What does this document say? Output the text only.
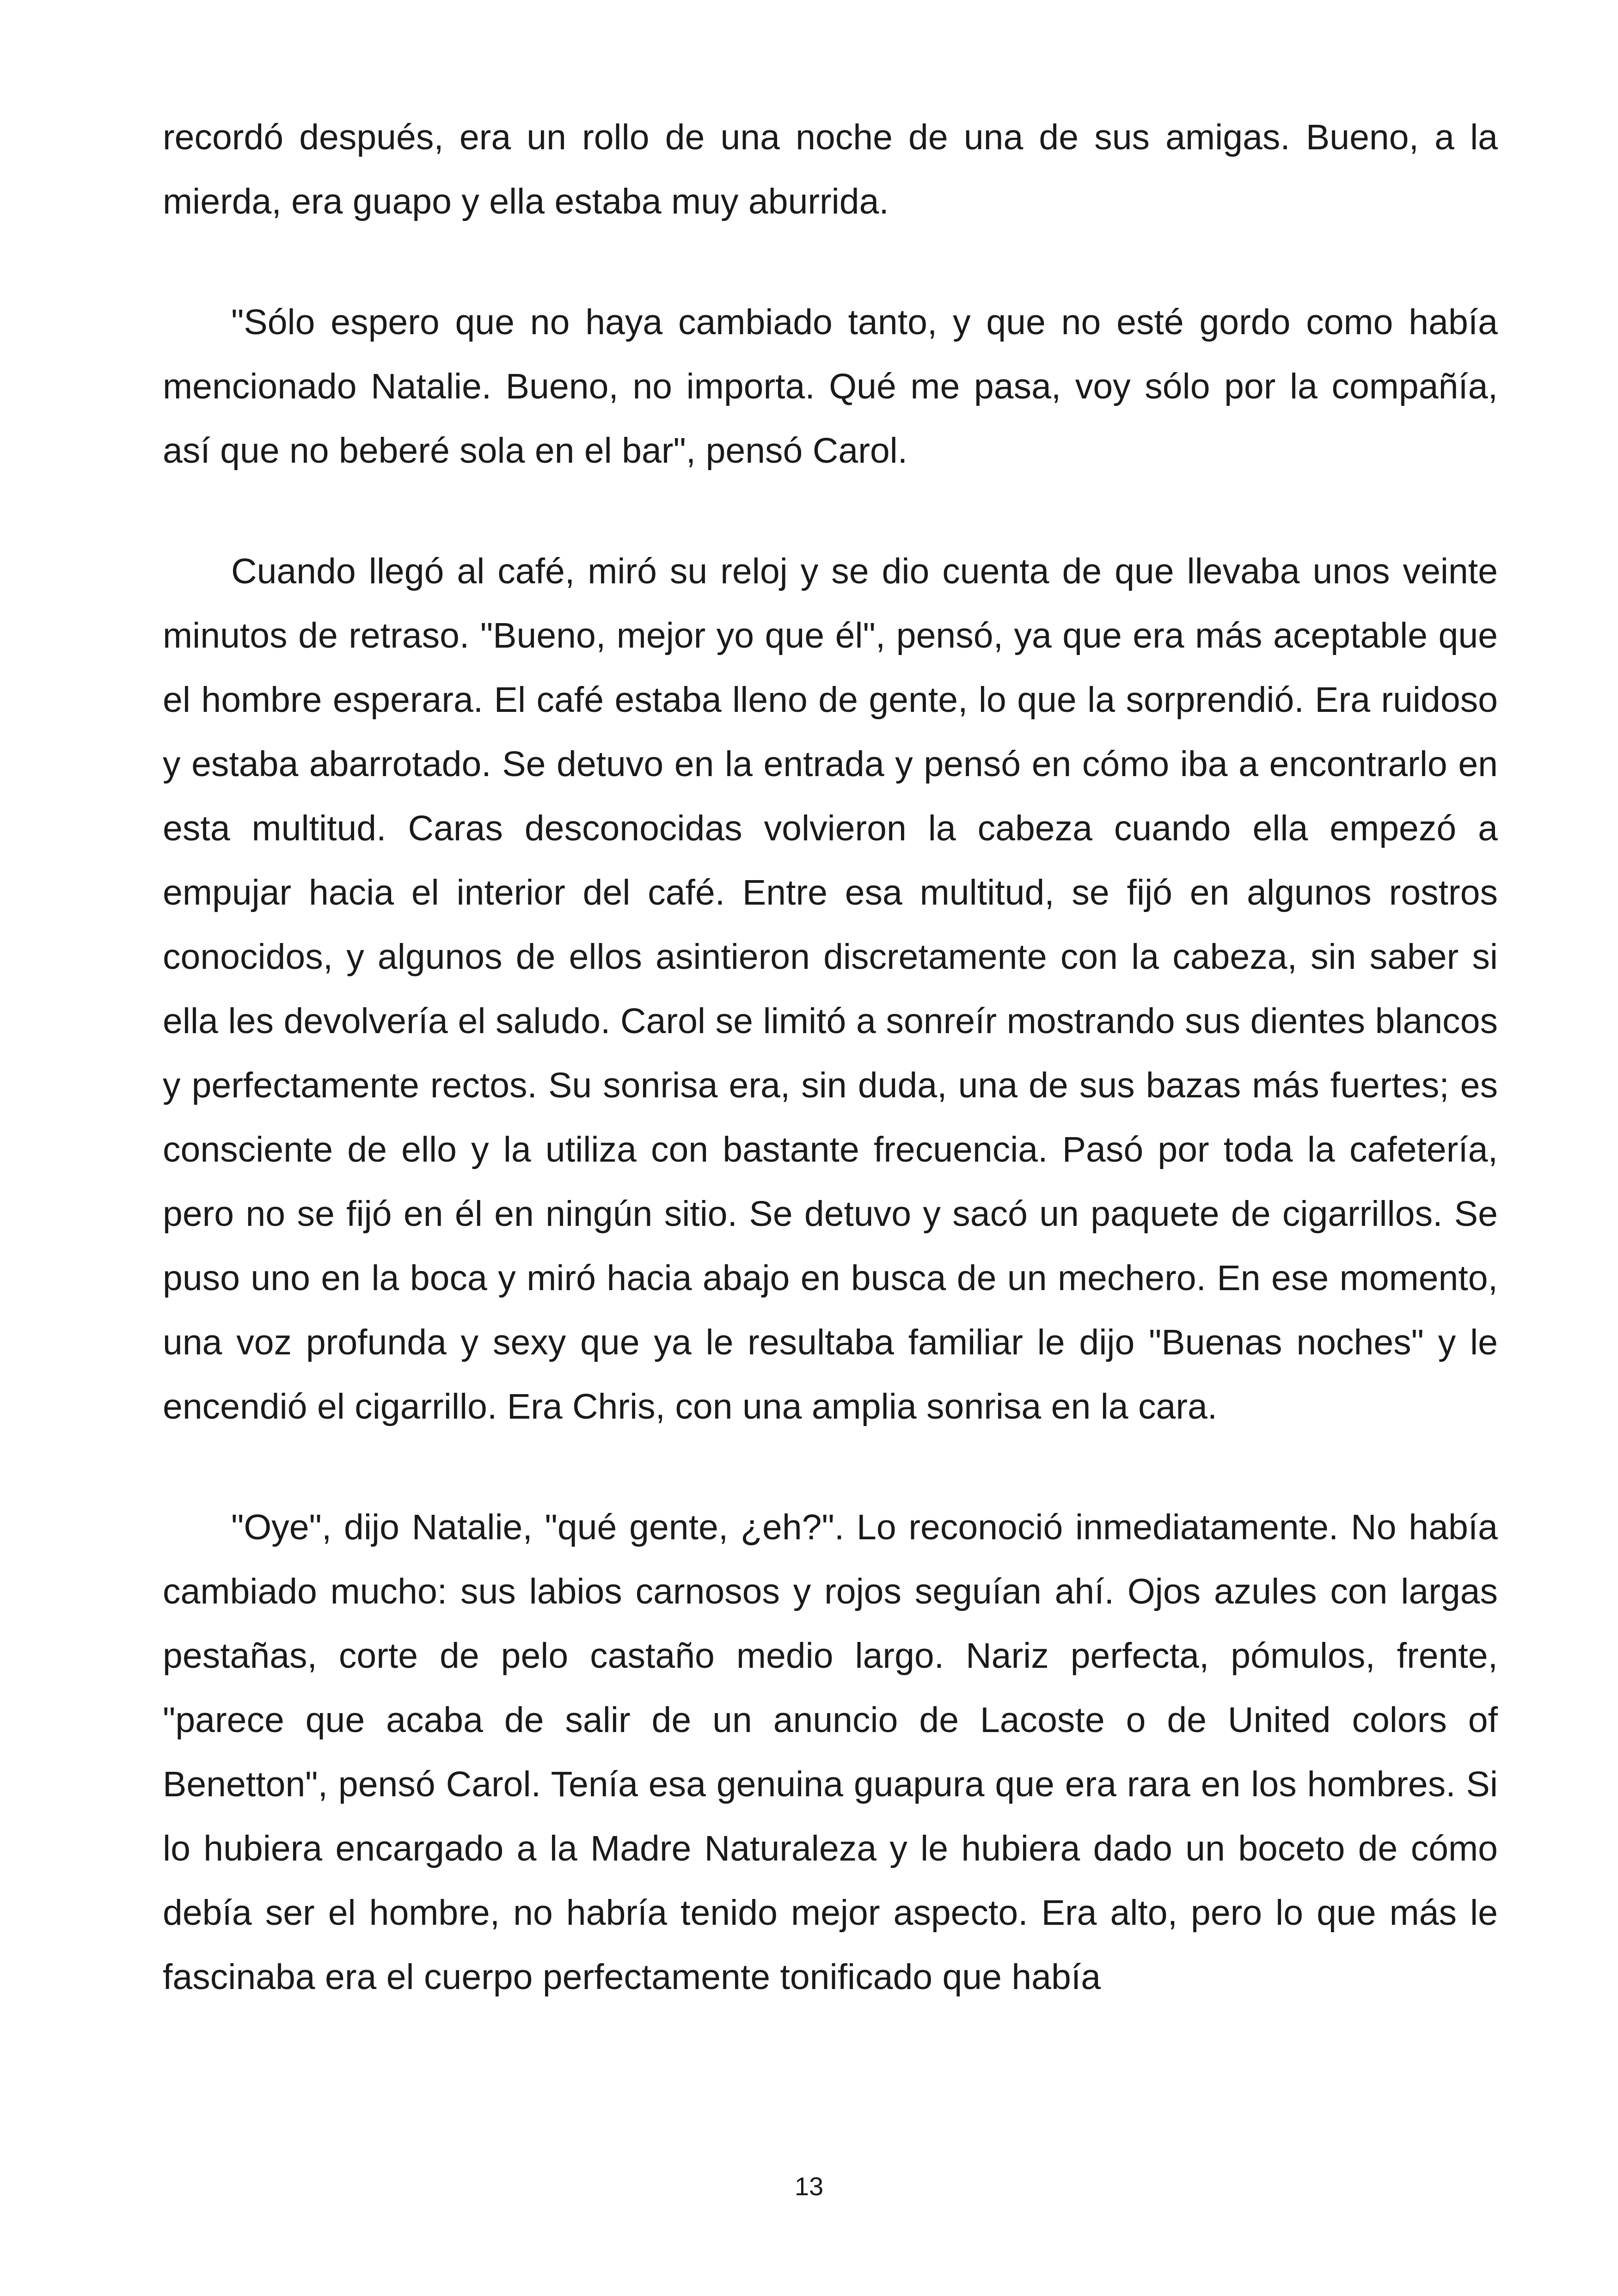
recordó después, era un rollo de una noche de una de sus amigas. Bueno, a la mierda, era guapo y ella estaba muy aburrida.

"Sólo espero que no haya cambiado tanto, y que no esté gordo como había mencionado Natalie. Bueno, no importa. Qué me pasa, voy sólo por la compañía, así que no beberé sola en el bar", pensó Carol.

Cuando llegó al café, miró su reloj y se dio cuenta de que llevaba unos veinte minutos de retraso. "Bueno, mejor yo que él", pensó, ya que era más aceptable que el hombre esperara. El café estaba lleno de gente, lo que la sorprendió. Era ruidoso y estaba abarrotado. Se detuvo en la entrada y pensó en cómo iba a encontrarlo en esta multitud. Caras desconocidas volvieron la cabeza cuando ella empezó a empujar hacia el interior del café. Entre esa multitud, se fijó en algunos rostros conocidos, y algunos de ellos asintieron discretamente con la cabeza, sin saber si ella les devolvería el saludo. Carol se limitó a sonreír mostrando sus dientes blancos y perfectamente rectos. Su sonrisa era, sin duda, una de sus bazas más fuertes; es consciente de ello y la utiliza con bastante frecuencia. Pasó por toda la cafetería, pero no se fijó en él en ningún sitio. Se detuvo y sacó un paquete de cigarrillos. Se puso uno en la boca y miró hacia abajo en busca de un mechero. En ese momento, una voz profunda y sexy que ya le resultaba familiar le dijo "Buenas noches" y le encendió el cigarrillo. Era Chris, con una amplia sonrisa en la cara.

"Oye", dijo Natalie, "qué gente, ¿eh?". Lo reconoció inmediatamente. No había cambiado mucho: sus labios carnosos y rojos seguían ahí. Ojos azules con largas pestañas, corte de pelo castaño medio largo. Nariz perfecta, pómulos, frente, "parece que acaba de salir de un anuncio de Lacoste o de United colors of Benetton", pensó Carol. Tenía esa genuina guapura que era rara en los hombres. Si lo hubiera encargado a la Madre Naturaleza y le hubiera dado un boceto de cómo debía ser el hombre, no habría tenido mejor aspecto. Era alto, pero lo que más le fascinaba era el cuerpo perfectamente tonificado que había

13
